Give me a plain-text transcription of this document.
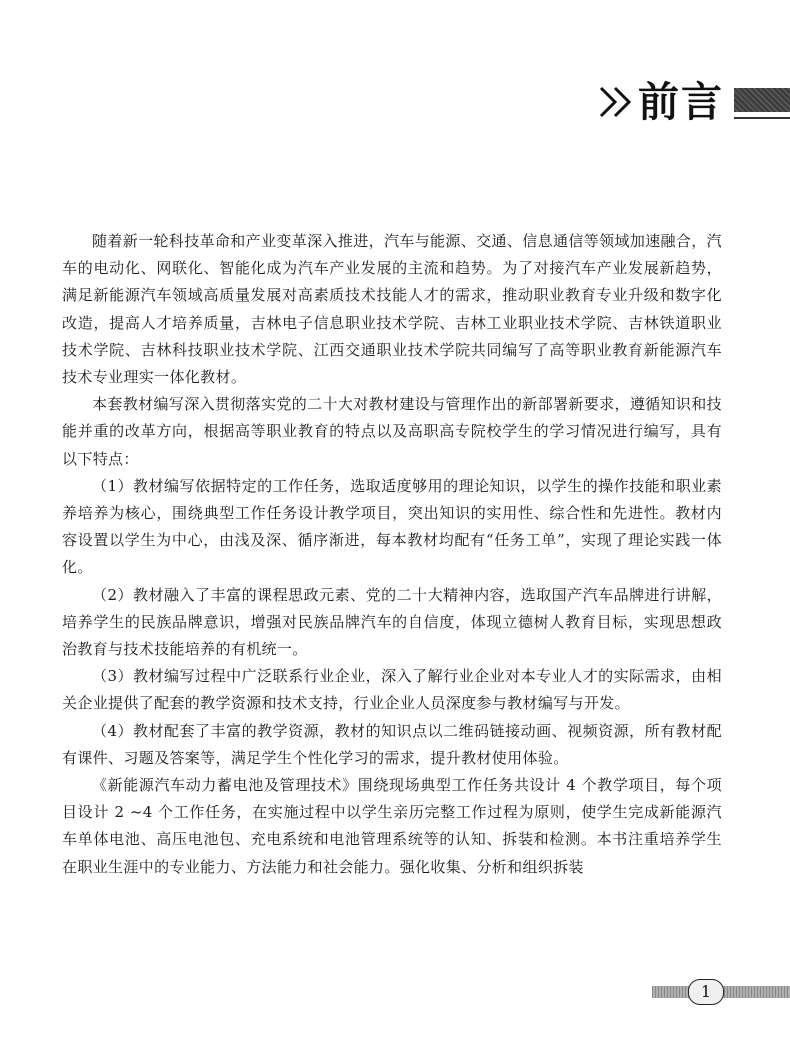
前言

随着新一轮科技革命和产业变革深入推进，汽车与能源、交通、信息通信等领域加速融合，汽车的电动化、网联化、智能化成为汽车产业发展的主流和趋势。为了对接汽车产业发展新趋势，满足新能源汽车领域高质量发展对高素质技术技能人才的需求，推动职业教育专业升级和数字化改造，提高人才培养质量，吉林电子信息职业技术学院、吉林工业职业技术学院、吉林铁道职业技术学院、吉林科技职业技术学院、江西交通职业技术学院共同编写了高等职业教育新能源汽车技术专业理实一体化教材。

本套教材编写深入贯彻落实党的二十大对教材建设与管理作出的新部署新要求，遵循知识和技能并重的改革方向，根据高等职业教育的特点以及高职高专院校学生的学习情况进行编写，具有以下特点：

（1）教材编写依据特定的工作任务，选取适度够用的理论知识，以学生的操作技能和职业素养培养为核心，围绕典型工作任务设计教学项目，突出知识的实用性、综合性和先进性。教材内容设置以学生为中心，由浅及深、循序渐进，每本教材均配有“任务工单”，实现了理论实践一体化。

（2）教材融入了丰富的课程思政元素、党的二十大精神内容，选取国产汽车品牌进行讲解，培养学生的民族品牌意识，增强对民族品牌汽车的自信度，体现立德树人教育目标，实现思想政治教育与技术技能培养的有机统一。

（3）教材编写过程中广泛联系行业企业，深入了解行业企业对本专业人才的实际需求，由相关企业提供了配套的教学资源和技术支持，行业企业人员深度参与教材编写与开发。

（4）教材配套了丰富的教学资源，教材的知识点以二维码链接动画、视频资源，所有教材配有课件、习题及答案等，满足学生个性化学习的需求，提升教材使用体验。

《新能源汽车动力蓄电池及管理技术》围绕现场典型工作任务共设计 4 个教学项目，每个项目设计 2 ~4 个工作任务，在实施过程中以学生亲历完整工作过程为原则，使学生完成新能源汽车单体电池、高压电池包、充电系统和电池管理系统等的认知、拆装和检测。本书注重培养学生在职业生涯中的专业能力、方法能力和社会能力。强化收集、分析和组织拆装

1
